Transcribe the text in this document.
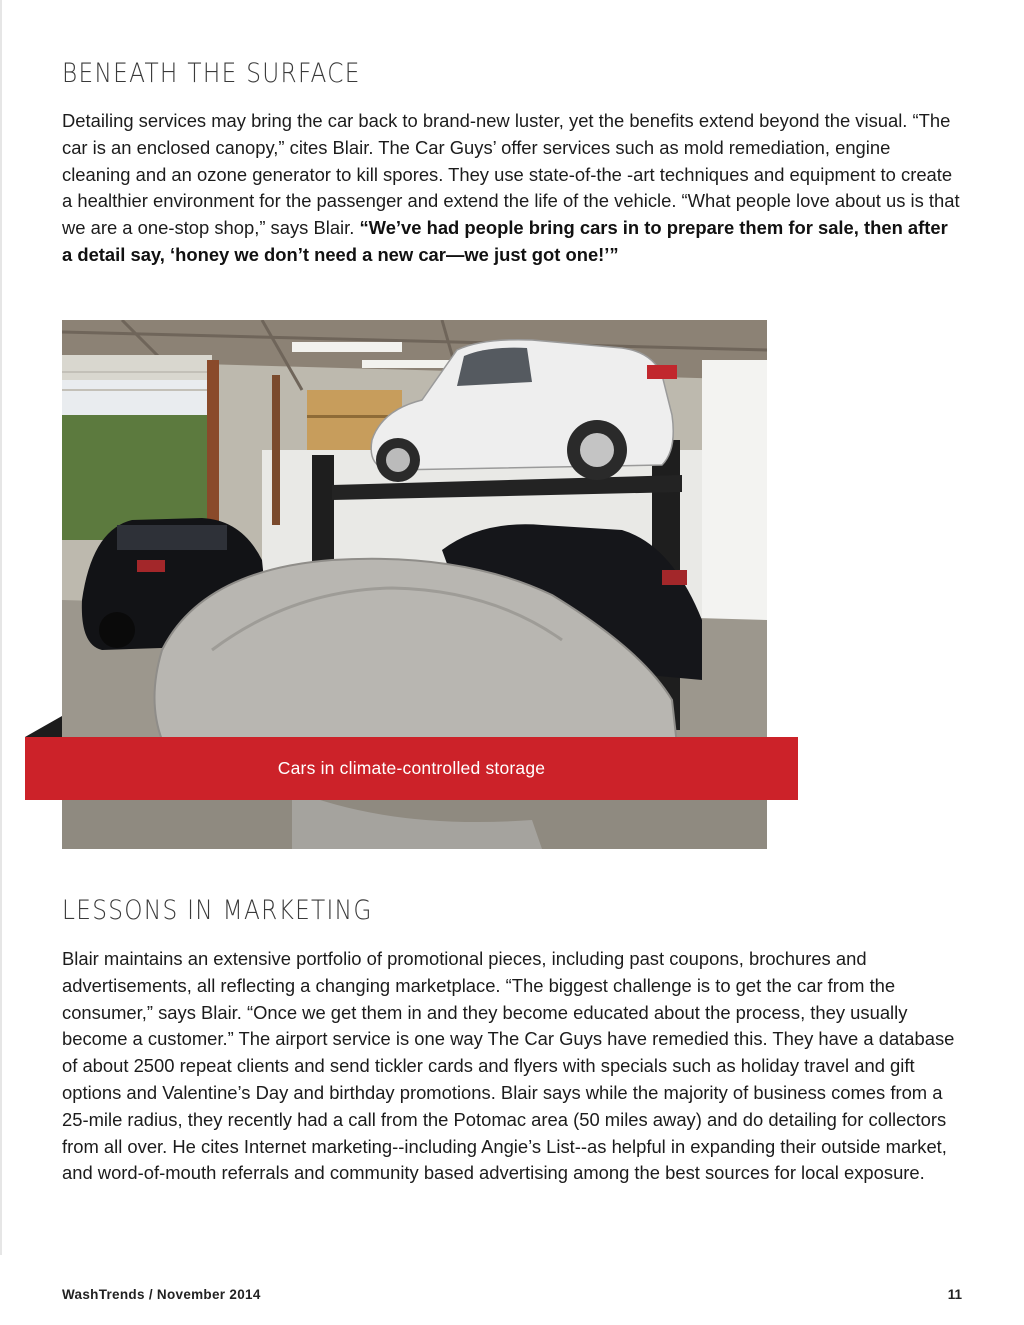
BENEATH THE SURFACE

Detailing services may bring the car back to brand-new luster, yet the benefits extend beyond the visual. “The car is an enclosed canopy,” cites Blair. The Car Guys’ offer services such as mold remediation, engine cleaning and an ozone generator to kill spores. They use state-of-the -art techniques and equipment to create a healthier environment for the passenger and extend the life of the vehicle. “What people love about us is that we are a one-stop shop,” says Blair. “We’ve had people bring cars in to prepare them for sale, then after a detail say, ‘honey we don’t need a new car—we just got one!’”

Cars in climate-controlled storage
LESSONS IN MARKETING

Blair maintains an extensive portfolio of promotional pieces, including past coupons, brochures and advertisements, all reflecting a changing marketplace. “The biggest challenge is to get the car from the consumer,” says Blair. “Once we get them in and they become educated about the process, they usually become a customer.” The airport service is one way The Car Guys have remedied this. They have a database of about 2500 repeat clients and send tickler cards and flyers with specials such as holiday travel and gift options and Valentine’s Day and birthday promotions. Blair says while the majority of business comes from a 25-mile radius, they recently had a call from the Potomac area (50 miles away) and do detailing for collectors from all over. He cites Internet marketing--including Angie’s List--as helpful in expanding their outside market, and word-of-mouth referrals and community based advertising among the best sources for local exposure.

WashTrends / November 2014	11
